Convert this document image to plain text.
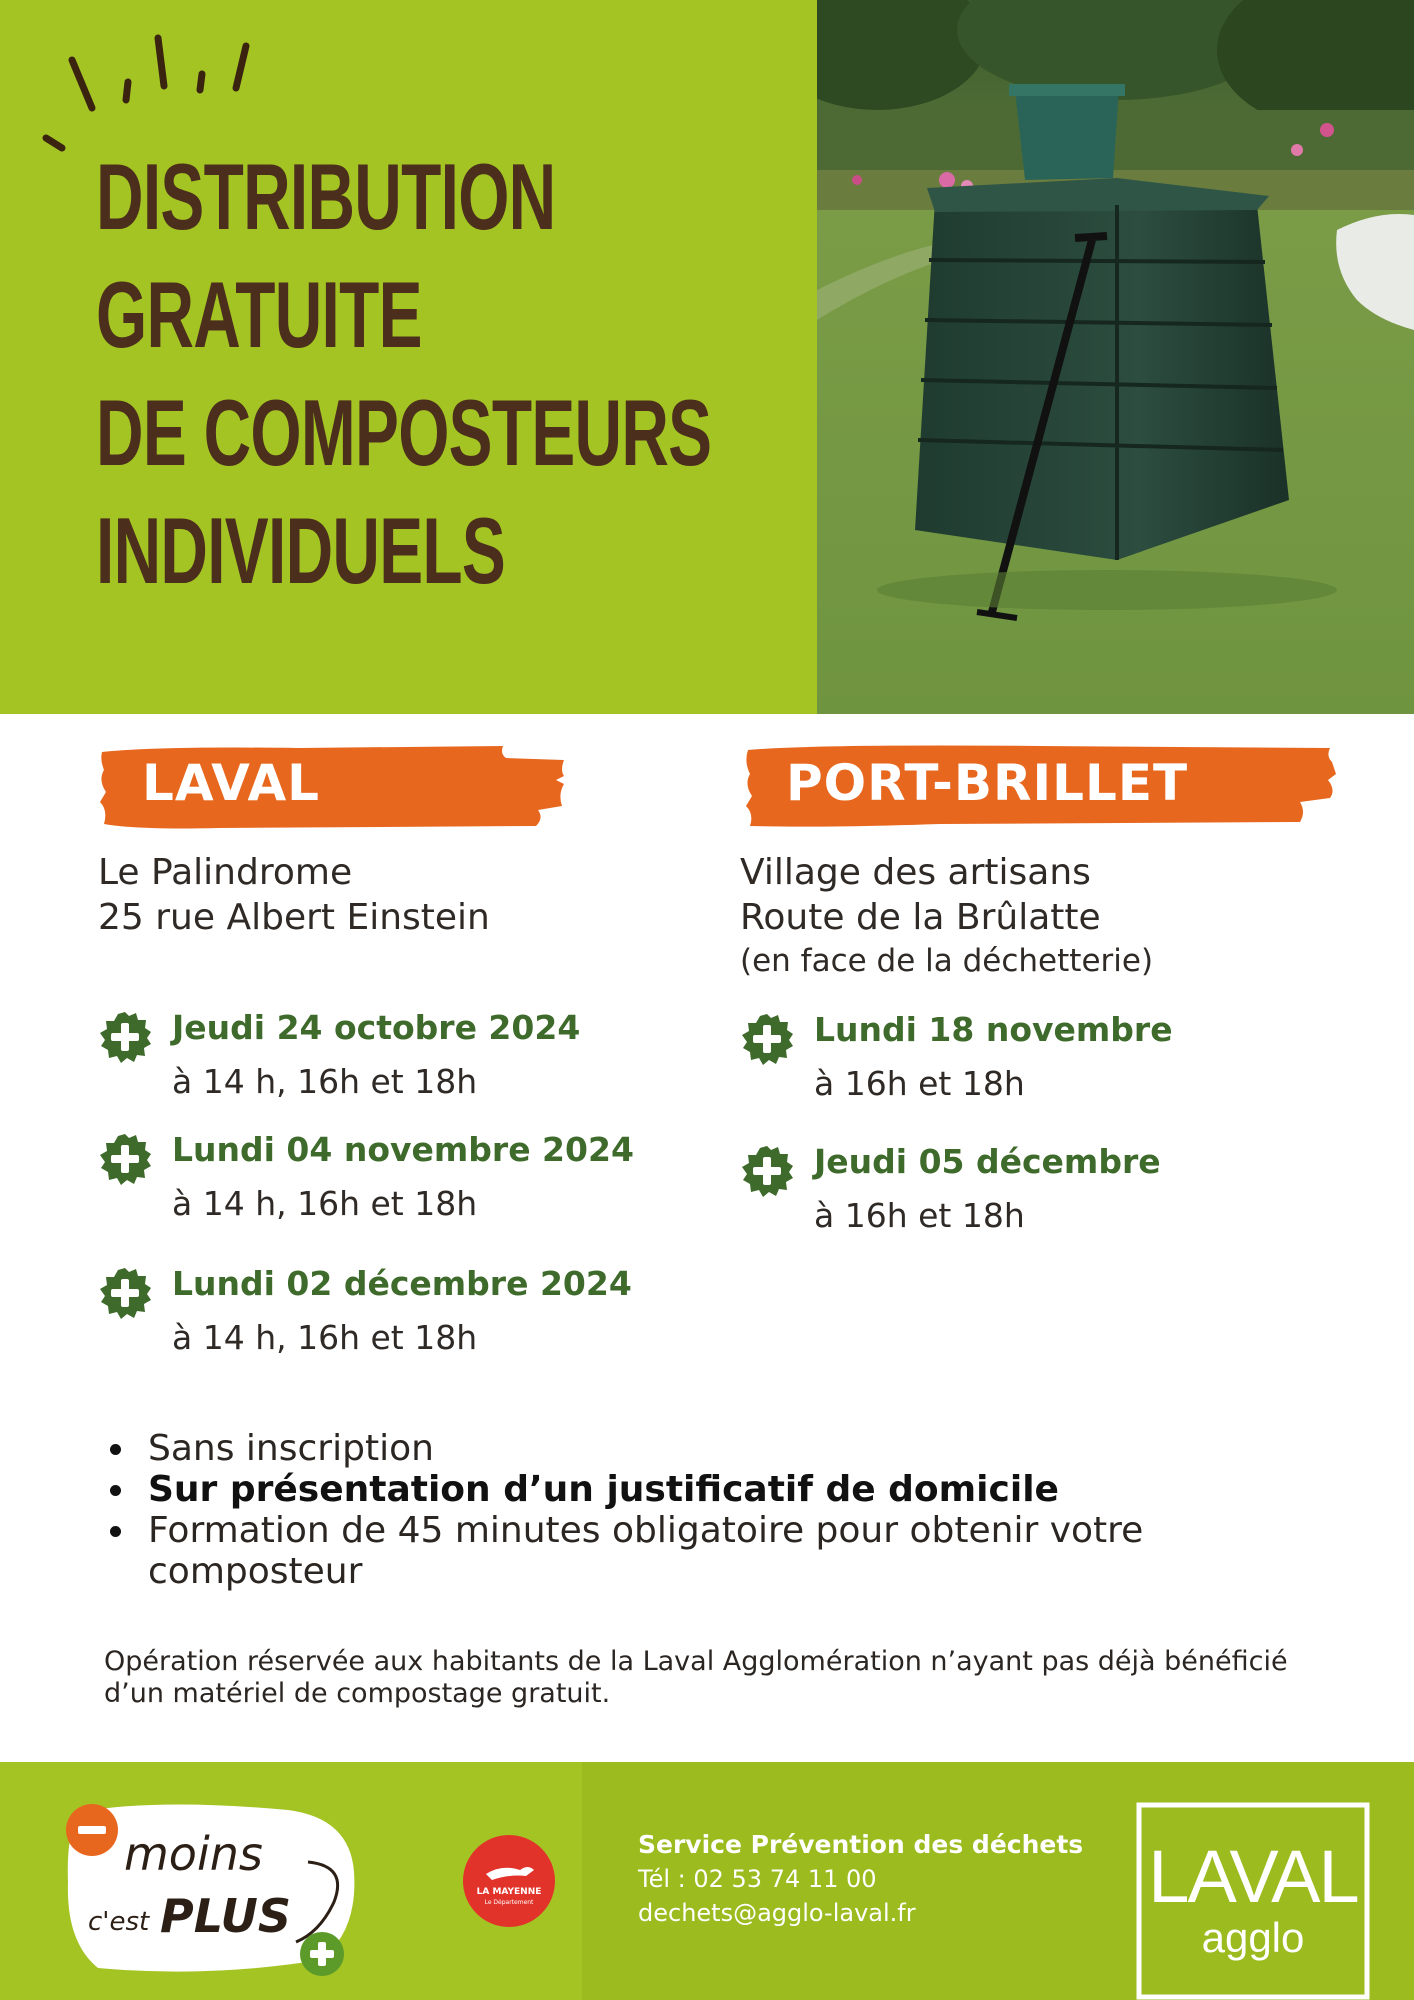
DISTRIBUTION
GRATUITE
DE COMPOSTEURS
INDIVIDUELS
LAVAL
Le Palindrome
25 rue Albert Einstein
Jeudi 24 octobre 2024
à 14 h, 16h et 18h
Lundi 04 novembre 2024
à 14 h, 16h et 18h
Lundi 02 décembre 2024
à 14 h, 16h et 18h
PORT-BRILLET
Village des artisans
Route de la Brûlatte
(en face de la déchetterie)
Lundi 18 novembre
à 16h et 18h
Jeudi 05 décembre
à 16h et 18h
Sans inscription
Sur présentation d’un justificatif de domicile
Formation de 45 minutes obligatoire pour obtenir votre composteur
Opération réservée aux habitants de la Laval Agglomération n’ayant pas déjà bénéficié d’un matériel de compostage gratuit.
moins
c'est PLUS	LA MAYENNE
Le Département
Service Prévention des déchets
Tél : 02 53 74 11 00
dechets@agglo-laval.fr	LAVAL
agglo
